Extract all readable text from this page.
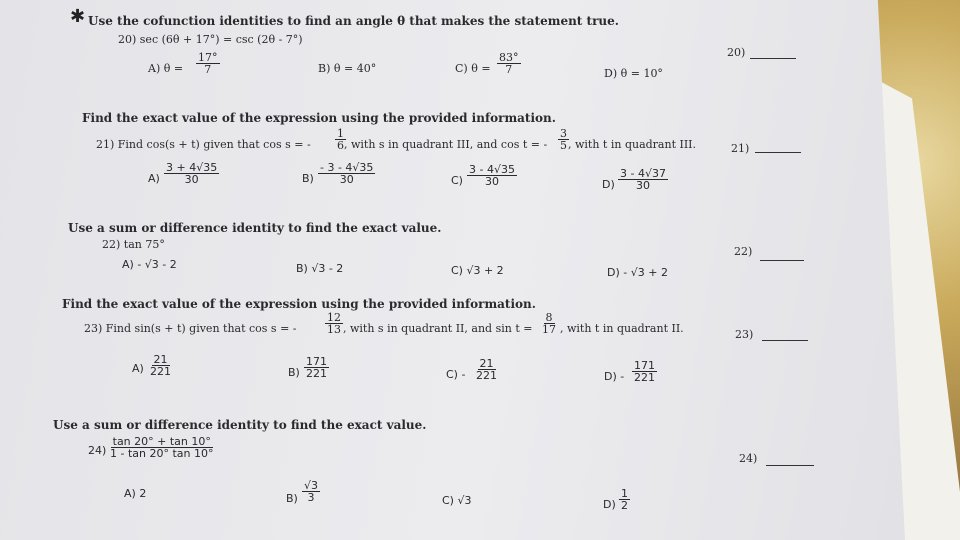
✱ Use the cofunction identities to find an angle θ that makes the statement true.
20) sec (6θ + 17°) = csc (2θ - 7°)
A) $\theta = \frac{17^\circ}{7}$	B) θ = 40°	C) $\theta = \frac{83^\circ}{7}$	D) θ = 10°
20)
Find the exact value of the expression using the provided information.
21) Find cos(s + t) given that cos s = - $\frac{1}{6}$
, with s in quadrant III, and cos t = - $\frac{3}{5}$ , with t in quadrant III.	21)
$A) \frac{3 + 4√35}{30}$	$B) \frac{- 3 - 4√35}{30}$	$C) \frac{3 - 4√35}{30}$	$D) \frac{3 - 4√37}{30}$
Use a sum or difference identity to find the exact value.
22) tan 75°
A) - √3 - 2	B) √3 - 2	C) √3 + 2	D) - √3 + 2
22)
Find the exact value of the expression using the provided information.
23) Find sin(s + t) given that cos s = -	$\frac{12}{13}$ , with s in quadrant II, and $\sin t = \frac{8}{17}$ , with t in quadrant II.	23)
$A) \frac{21}{221}$	$B) \frac{171}{221}$	$C) - \frac{21}{221}$	$D) - \frac{171}{221}$
Use a sum or difference identity to find the exact value.
$24) \frac{\tan 20^\circ + \tan 10^\circ}{1 - \tan 20^\circ \tan 10^\circ}$	24)
A) 2	$B) \frac{√3}{3}$	C) √3	$D) \frac{1}{2}$
